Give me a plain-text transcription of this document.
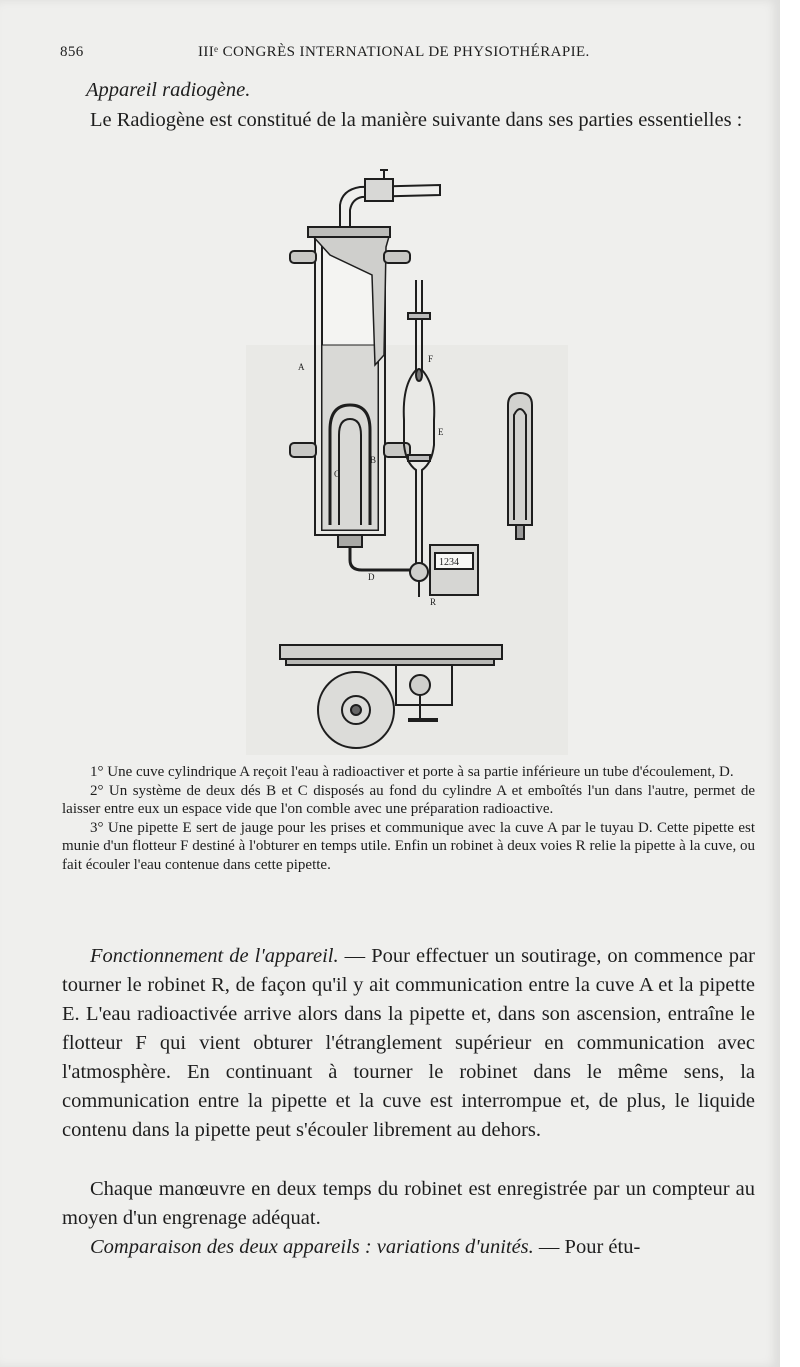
856	IIIᵉ CONGRÈS INTERNATIONAL DE PHYSIOTHÉRAPIE.
Appareil radiogène.
Le Radiogène est constitué de la manière suivante dans ses parties essentielles :
A
B
C
D
E
F
R
1234

1° Une cuve cylindrique A reçoit l'eau à radioactiver et porte à sa partie inférieure un tube d'écoulement, D.

2° Un système de deux dés B et C disposés au fond du cylindre A et emboîtés l'un dans l'autre, permet de laisser entre eux un espace vide que l'on comble avec une préparation radioactive.

3° Une pipette E sert de jauge pour les prises et communique avec la cuve A par le tuyau D. Cette pipette est munie d'un flotteur F destiné à l'obturer en temps utile. Enfin un robinet à deux voies R relie la pipette à la cuve, ou fait écouler l'eau contenue dans cette pipette.

Fonctionnement de l'appareil. — Pour effectuer un soutirage, on commence par tourner le robinet R, de façon qu'il y ait communication entre la cuve A et la pipette E. L'eau radioactivée arrive alors dans la pipette et, dans son ascension, entraîne le flotteur F qui vient obturer l'étranglement supérieur en communication avec l'atmosphère. En continuant à tourner le robinet dans le même sens, la communication entre la pipette et la cuve est interrompue et, de plus, le liquide contenu dans la pipette peut s'écouler librement au dehors.
Chaque manœuvre en deux temps du robinet est enregistrée par un compteur au moyen d'un engrenage adéquat.
Comparaison des deux appareils : variations d'unités. — Pour étu-
